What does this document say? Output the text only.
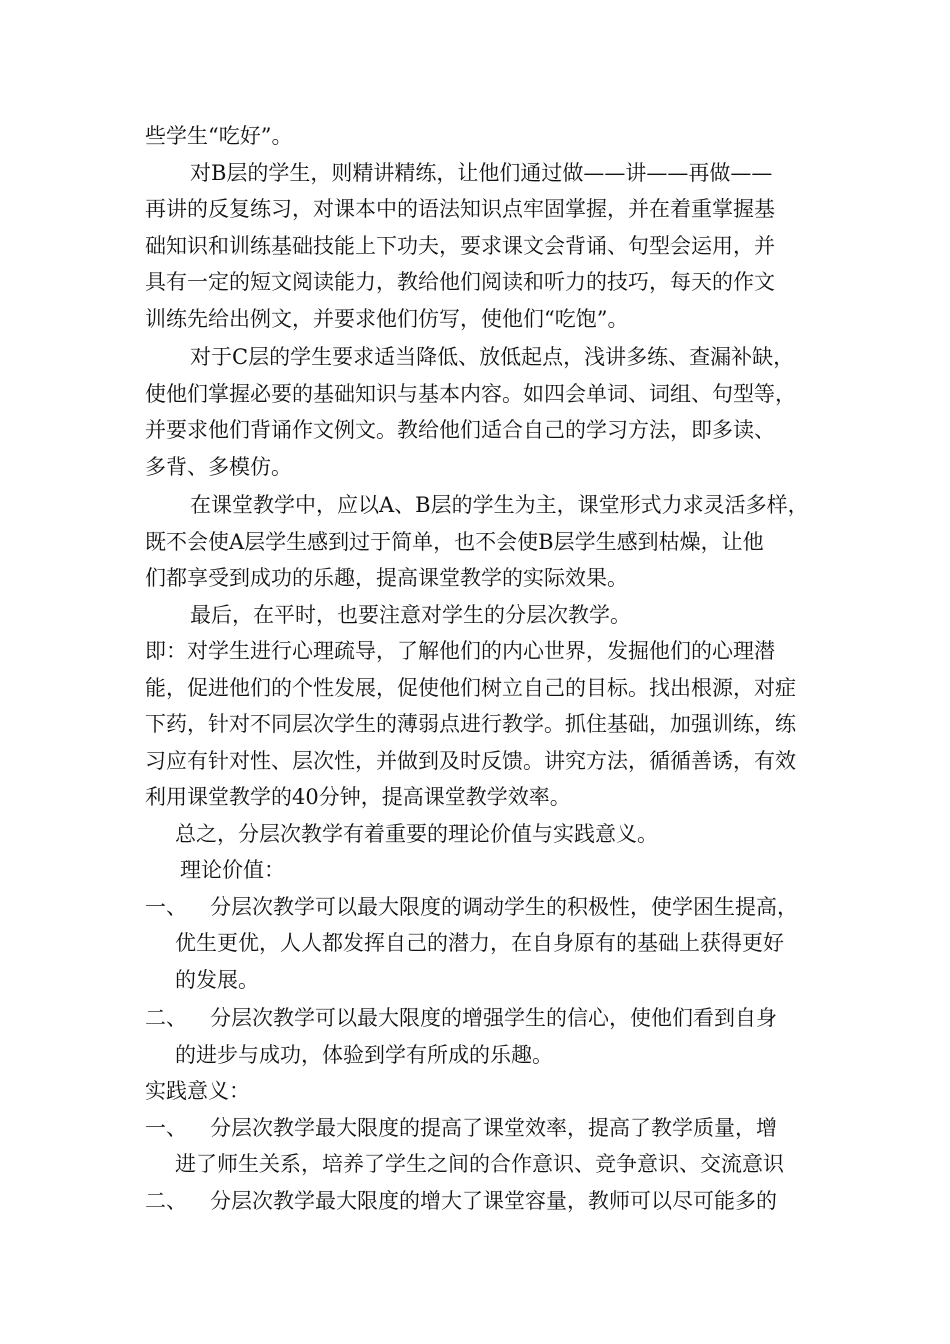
些学生“吃好”。
对B层的学生，则精讲精练，让他们通过做——讲——再做——
再讲的反复练习，对课本中的语法知识点牢固掌握，并在着重掌握基
础知识和训练基础技能上下功夫，要求课文会背诵、句型会运用，并
具有一定的短文阅读能力，教给他们阅读和听力的技巧，每天的作文
训练先给出例文，并要求他们仿写，使他们“吃饱”。
对于C层的学生要求适当降低、放低起点，浅讲多练、查漏补缺，
使他们掌握必要的基础知识与基本内容。如四会单词、词组、句型等，
并要求他们背诵作文例文。教给他们适合自己的学习方法，即多读、
多背、多模仿。
在课堂教学中，应以A、B层的学生为主，课堂形式力求灵活多样，
既不会使A层学生感到过于简单，也不会使B层学生感到枯燥，让他
们都享受到成功的乐趣，提高课堂教学的实际效果。
最后，在平时，也要注意对学生的分层次教学。
即：对学生进行心理疏导，了解他们的内心世界，发掘他们的心理潜
能，促进他们的个性发展，促使他们树立自己的目标。找出根源，对症
下药，针对不同层次学生的薄弱点进行教学。抓住基础，加强训练，练
习应有针对性、层次性，并做到及时反馈。讲究方法，循循善诱，有效
利用课堂教学的40分钟，提高课堂教学效率。
总之，分层次教学有着重要的理论价值与实践意义。
理论价值：
一、 分层次教学可以最大限度的调动学生的积极性，使学困生提高，
优生更优，人人都发挥自己的潜力，在自身原有的基础上获得更好
的发展。
二、 分层次教学可以最大限度的增强学生的信心，使他们看到自身
的进步与成功，体验到学有所成的乐趣。
实践意义：
一、 分层次教学最大限度的提高了课堂效率，提高了教学质量，增
进了师生关系，培养了学生之间的合作意识、竞争意识、交流意识
二、 分层次教学最大限度的增大了课堂容量，教师可以尽可能多的
